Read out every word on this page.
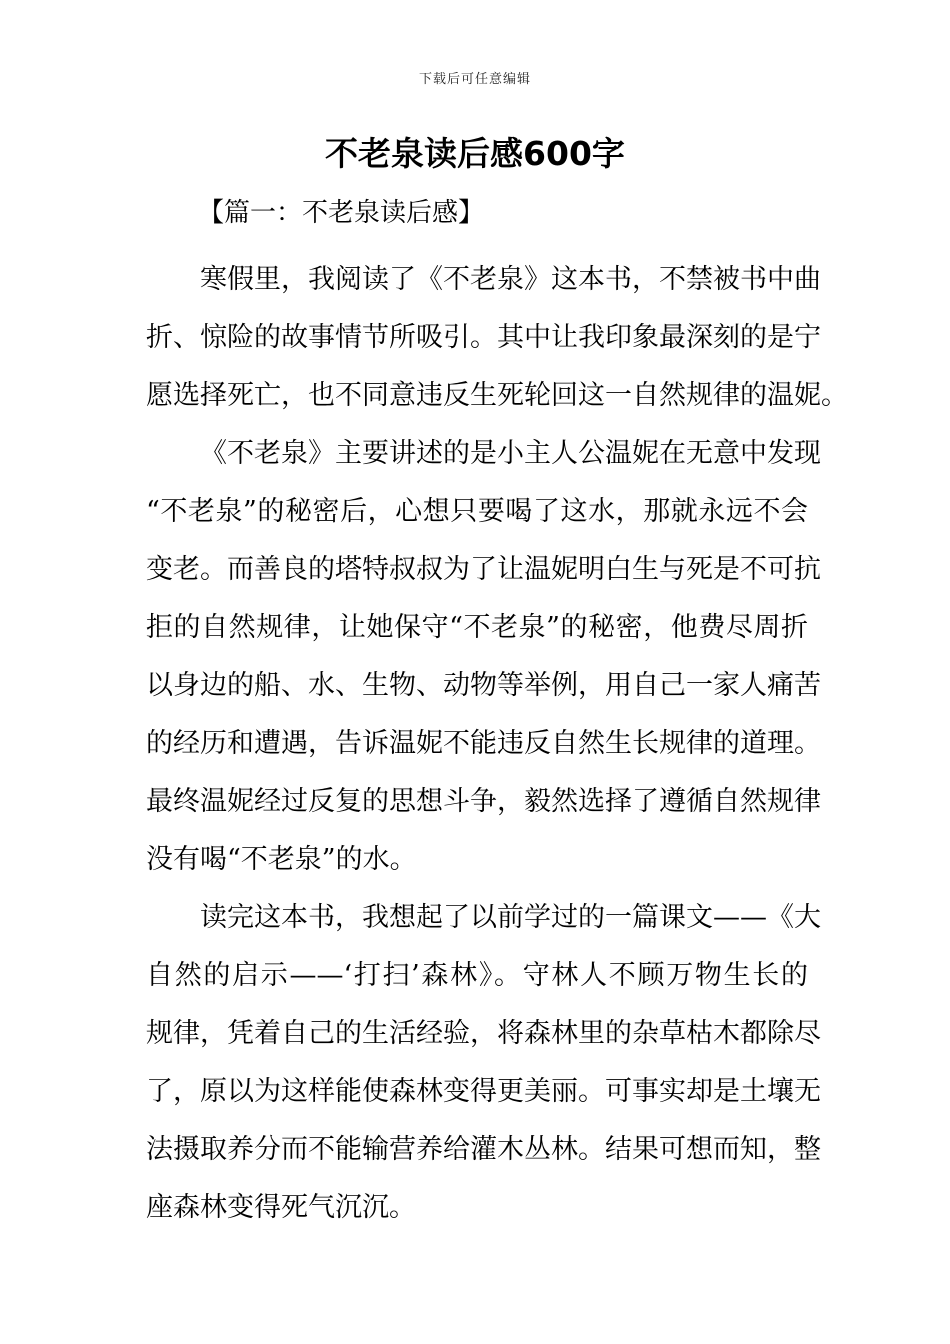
下载后可任意编辑
不老泉读后感600字
【篇一：不老泉读后感】

寒假里，我阅读了《不老泉》这本书，不禁被书中曲

折、惊险的故事情节所吸引。其中让我印象最深刻的是宁

愿选择死亡，也不同意违反生死轮回这一自然规律的温妮。

《不老泉》主要讲述的是小主人公温妮在无意中发现

“不老泉”的秘密后，心想只要喝了这水，那就永远不会

变老。而善良的塔特叔叔为了让温妮明白生与死是不可抗

拒的自然规律，让她保守“不老泉”的秘密，他费尽周折

以身边的船、水、生物、动物等举例，用自己一家人痛苦

的经历和遭遇，告诉温妮不能违反自然生长规律的道理。

最终温妮经过反复的思想斗争，毅然选择了遵循自然规律

没有喝“不老泉”的水。

读完这本书，我想起了以前学过的一篇课文——《大

自然的启示——‘打扫’森林》。守林人不顾万物生长的

规律，凭着自己的生活经验，将森林里的杂草枯木都除尽

了，原以为这样能使森林变得更美丽。可事实却是土壤无

法摄取养分而不能输营养给灌木丛林。结果可想而知，整

座森林变得死气沉沉。
